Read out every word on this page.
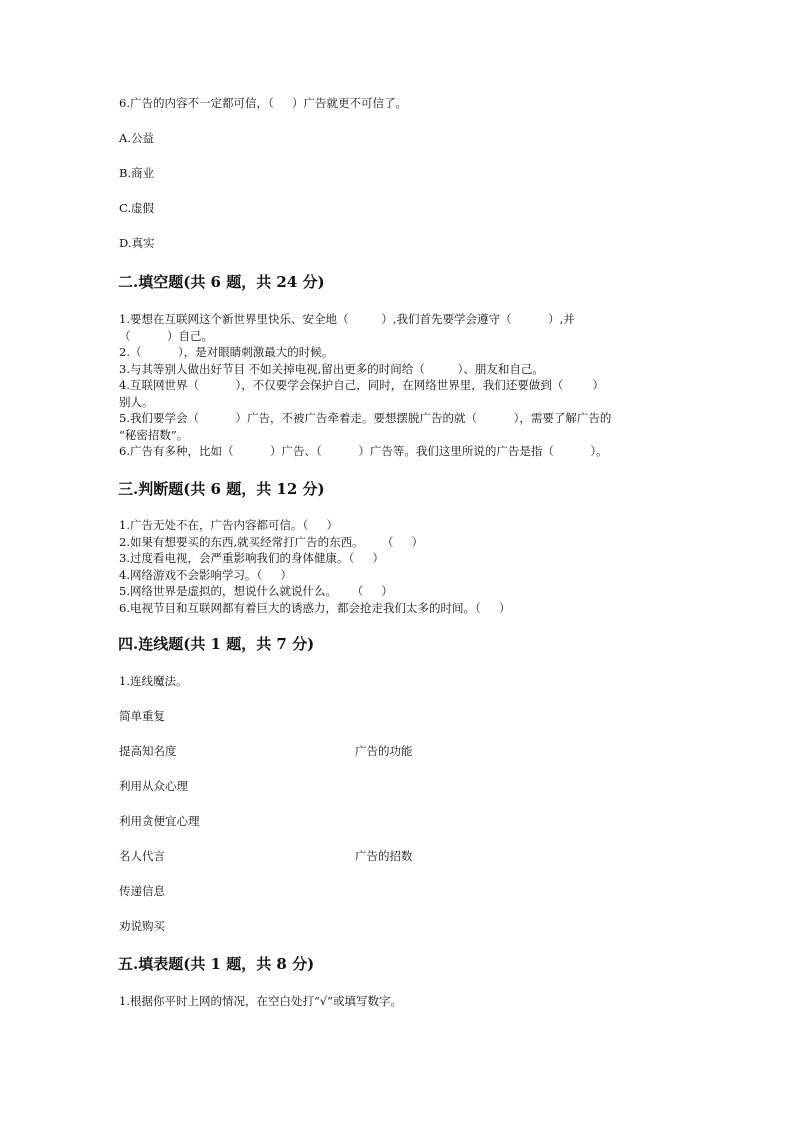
6.广告的内容不一定都可信，（     ）广告就更不可信了。
A.公益
B.商业
C.虚假
D.真实
二.填空题(共 6 题，共 24 分)
1.要想在互联网这个新世界里快乐、安全地（         ）,我们首先要学会遵守（          ）,并
（          ）自己。
2.（          ），是对眼睛刺激最大的时候。
3.与其等别人做出好节目 不如关掉电视,留出更多的时间给（         ）、朋友和自己。
4.互联网世界（          ），不仅要学会保护自己，同时，在网络世界里，我们还要做到（        ）
别人。
5.我们要学会（          ）广告，不被广告牵着走。要想摆脱广告的就（          ），需要了解广告的
“秘密招数”。
6.广告有多种，比如（          ）广告、（          ）广告等。我们这里所说的广告是指（          ）。
三.判断题(共 6 题，共 12 分)
1.广告无处不在，广告内容都可信。（     ）
2.如果有想要买的东西,就买经常打广告的东西。     （     ）
3.过度看电视，会严重影响我们的身体健康。（     ）
4.网络游戏不会影响学习。（     ）
5.网络世界是虚拟的，想说什么就说什么。    （     ）
6.电视节目和互联网都有着巨大的诱惑力，都会抢走我们太多的时间。（     ）
四.连线题(共 1 题，共 7 分)
1.连线魔法。
简单重复
提高知名度	广告的功能
利用从众心理
利用贪便宜心理
名人代言	广告的招数
传递信息
劝说购买
五.填表题(共 1 题，共 8 分)
1.根据你平时上网的情况，在空白处打“√”或填写数字。
